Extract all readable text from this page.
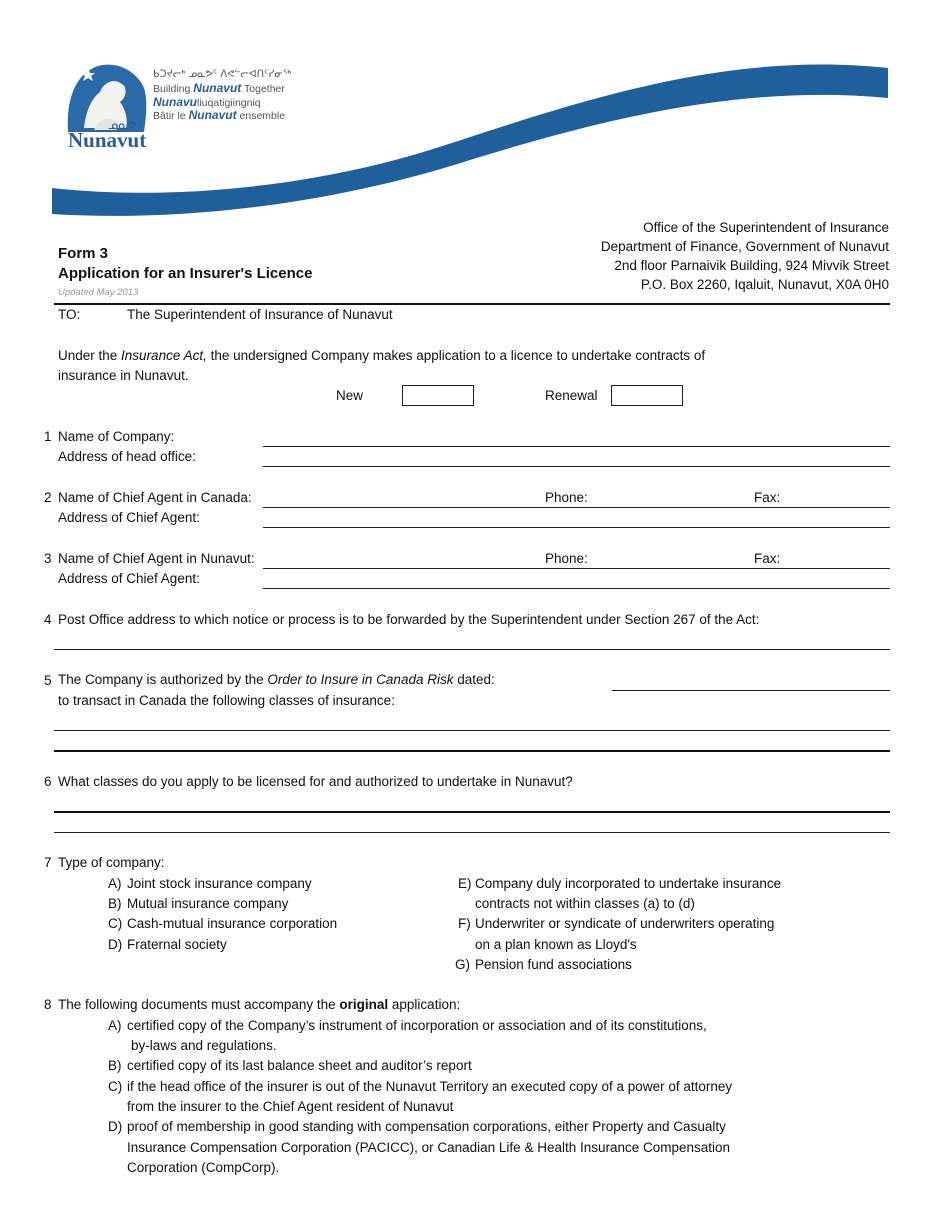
ᓄᓇᕗᑦ
Nunavut
ᑲᑐᔪᓕᒃ ᓄᓇᕗᑦ ᐱᕙᓪᓕᐊᑎᑦᓯᓂᖅ
Building Nunavut Together
Nunavuliuqatigiingniq
Bâtir le Nunavut ensemble
Office of the Superintendent of Insurance
Department of Finance, Government of Nunavut
2nd floor Parnaivik Building, 924 Mivvik Street
P.O. Box 2260, Iqaluit, Nunavut, X0A 0H0
Form 3
Application for an Insurer's Licence
Updated May 2013
TO:	The Superintendent of Insurance of Nunavut
Under the Insurance Act, the undersigned Company makes application to a licence to undertake contracts of
insurance in Nunavut.
New	Renewal
1 Name of Company:
Address of head office:
2 Name of Chief Agent in Canada:	Phone:	Fax:
Address of Chief Agent:
3 Name of Chief Agent in Nunavut:	Phone:	Fax:
Address of Chief Agent:
4 Post Office address to which notice or process is to be forwarded by the Superintendent under Section 267 of the Act:
5 The Company is authorized by the Order to Insure in Canada Risk dated:
to transact in Canada the following classes of insurance:
6 What classes do you apply to be licensed for and authorized to undertake in Nunavut?
7 Type of company:
A) Joint stock insurance company
B) Mutual insurance company
C) Cash-mutual insurance corporation
D) Fraternal society
E) Company duly incorporated to undertake insurance
contracts not within classes (a) to (d)
F) Underwriter or syndicate of underwriters operating
on a plan known as Lloyd's
G) Pension fund associations
8 The following documents must accompany the original application:
A) certified copy of the Company’s instrument of incorporation or association and of its constitutions,
by-laws and regulations.
B) certified copy of its last balance sheet and auditor’s report
C) if the head office of the insurer is out of the Nunavut Territory an executed copy of a power of attorney
from the insurer to the Chief Agent resident of Nunavut
D) proof of membership in good standing with compensation corporations, either Property and Casualty
Insurance Compensation Corporation (PACICC), or Canadian Life & Health Insurance Compensation
Corporation (CompCorp).
